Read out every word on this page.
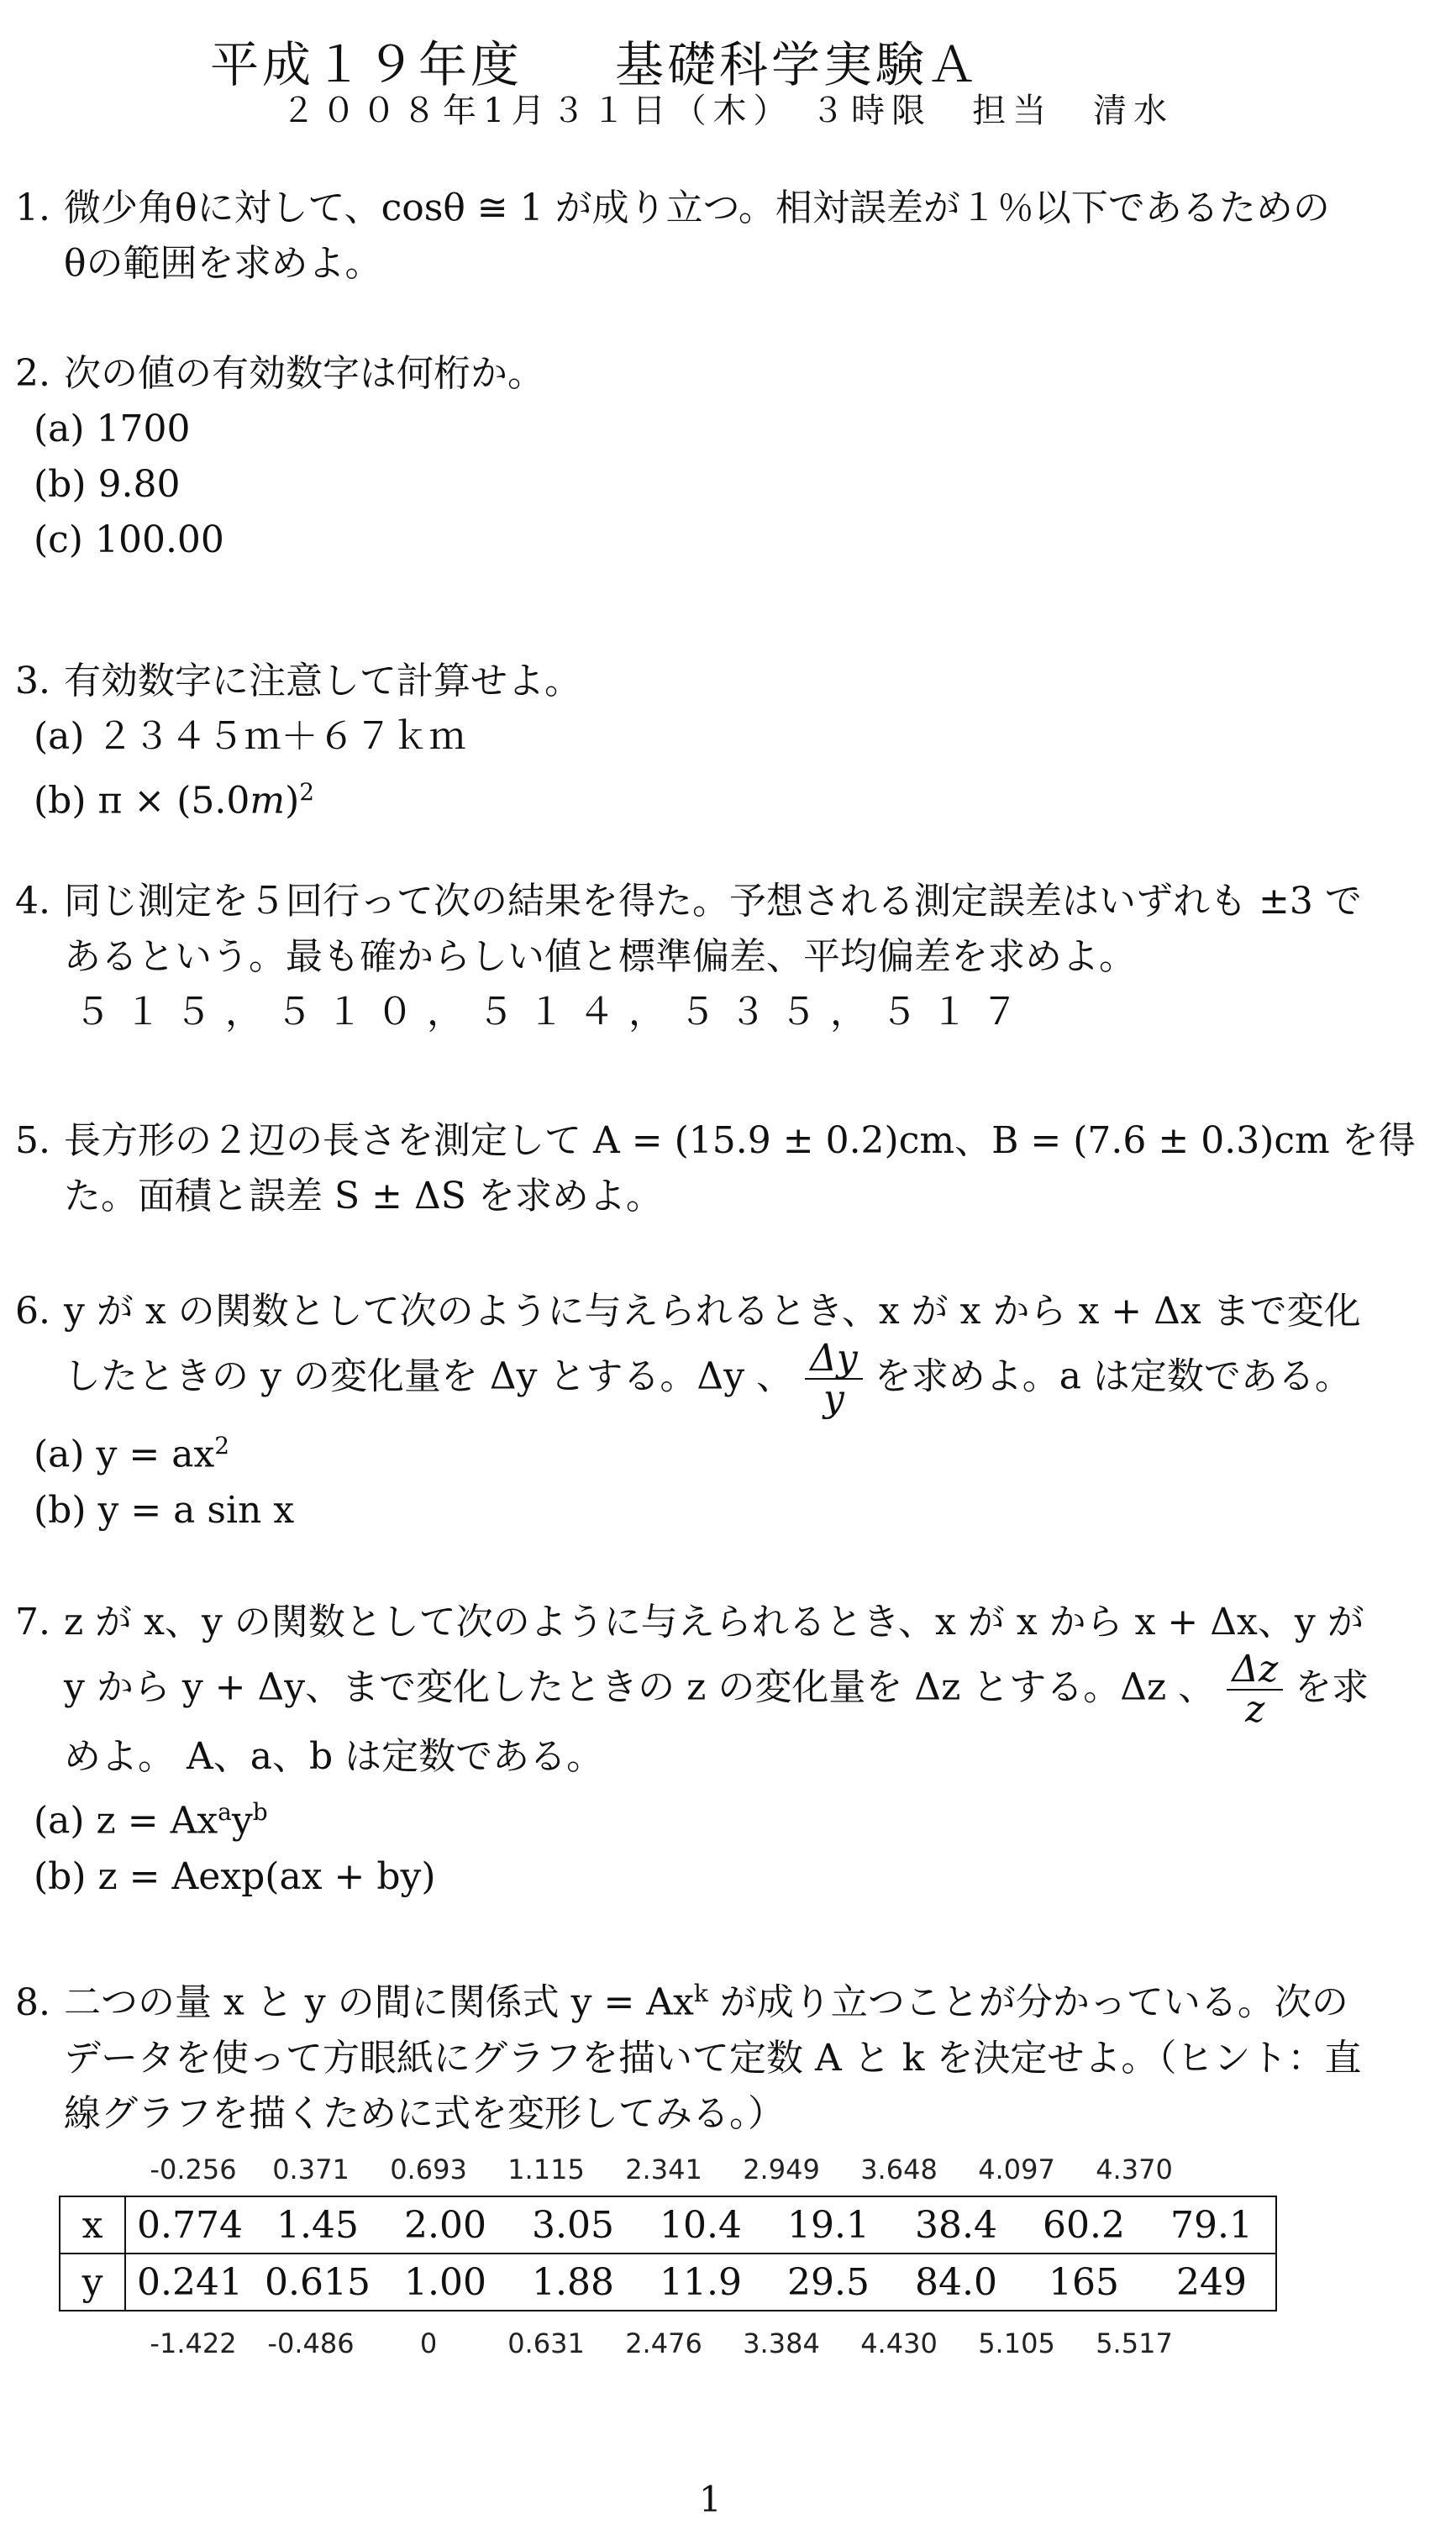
平成１９年度 基礎科学実験Ａ
２００８年1月３１日（木） ３時限　担当　清水
1. 微少角θに対して、cosθ ≅ 1 が成り立つ。相対誤差が１％以下であるための
θの範囲を求めよ。
2. 次の値の有効数字は何桁か。
(a) 1700
(b) 9.80
(c) 100.00
3. 有効数字に注意して計算せよ。
(a) ２３４５ｍ＋６７ｋｍ
(b) $\pi \times (5.0m)^2$
4. 同じ測定を５回行って次の結果を得た。予想される測定誤差はいずれも ±3 で
あるという。最も確からしい値と標準偏差、平均偏差を求めよ。
５１５，５１０，５１４，５３５，５１７
5. 長方形の２辺の長さを測定して A = (15.9 ± 0.2)cm、B = (7.6 ± 0.3)cm を得
た。面積と誤差 S ± ΔS を求めよ。
6. y が x の関数として次のように与えられるとき、x が x から x + Δx まで変化
したときの y の変化量を Δy とする。Δy 、 $\frac{\Delta y}{y}$ を求めよ。a は定数である。
(a) $y = ax^2$
(b) y = a sin x
7. z が x、y の関数として次のように与えられるとき、x が x から x + Δx、y が
y から y + Δy、まで変化したときの z の変化量を Δz とする。Δz 、 $\frac{\Delta z}{z}$ を求
めよ。 A、a、b は定数である。
(a) $z = Ax^ay^b$
(b) z = Aexp(ax + by)
8. 二つの量 x と y の間に関係式 $y = Ax^k$ が成り立つことが分かっている。次の
データを使って方眼紙にグラフを描いて定数 A と k を決定せよ。（ヒント：直
線グラフを描くために式を変形してみる。）
-0.256	0.371	0.693	1.115	2.341	2.949	3.648	4.097	4.370
x	0.774	1.45	2.00	3.05	10.4	19.1	38.4	60.2	79.1
y	0.241	0.615	1.00	1.88	11.9	29.5	84.0	165	249
-1.422	-0.486	0	0.631	2.476	3.384	4.430	5.105	5.517
1
